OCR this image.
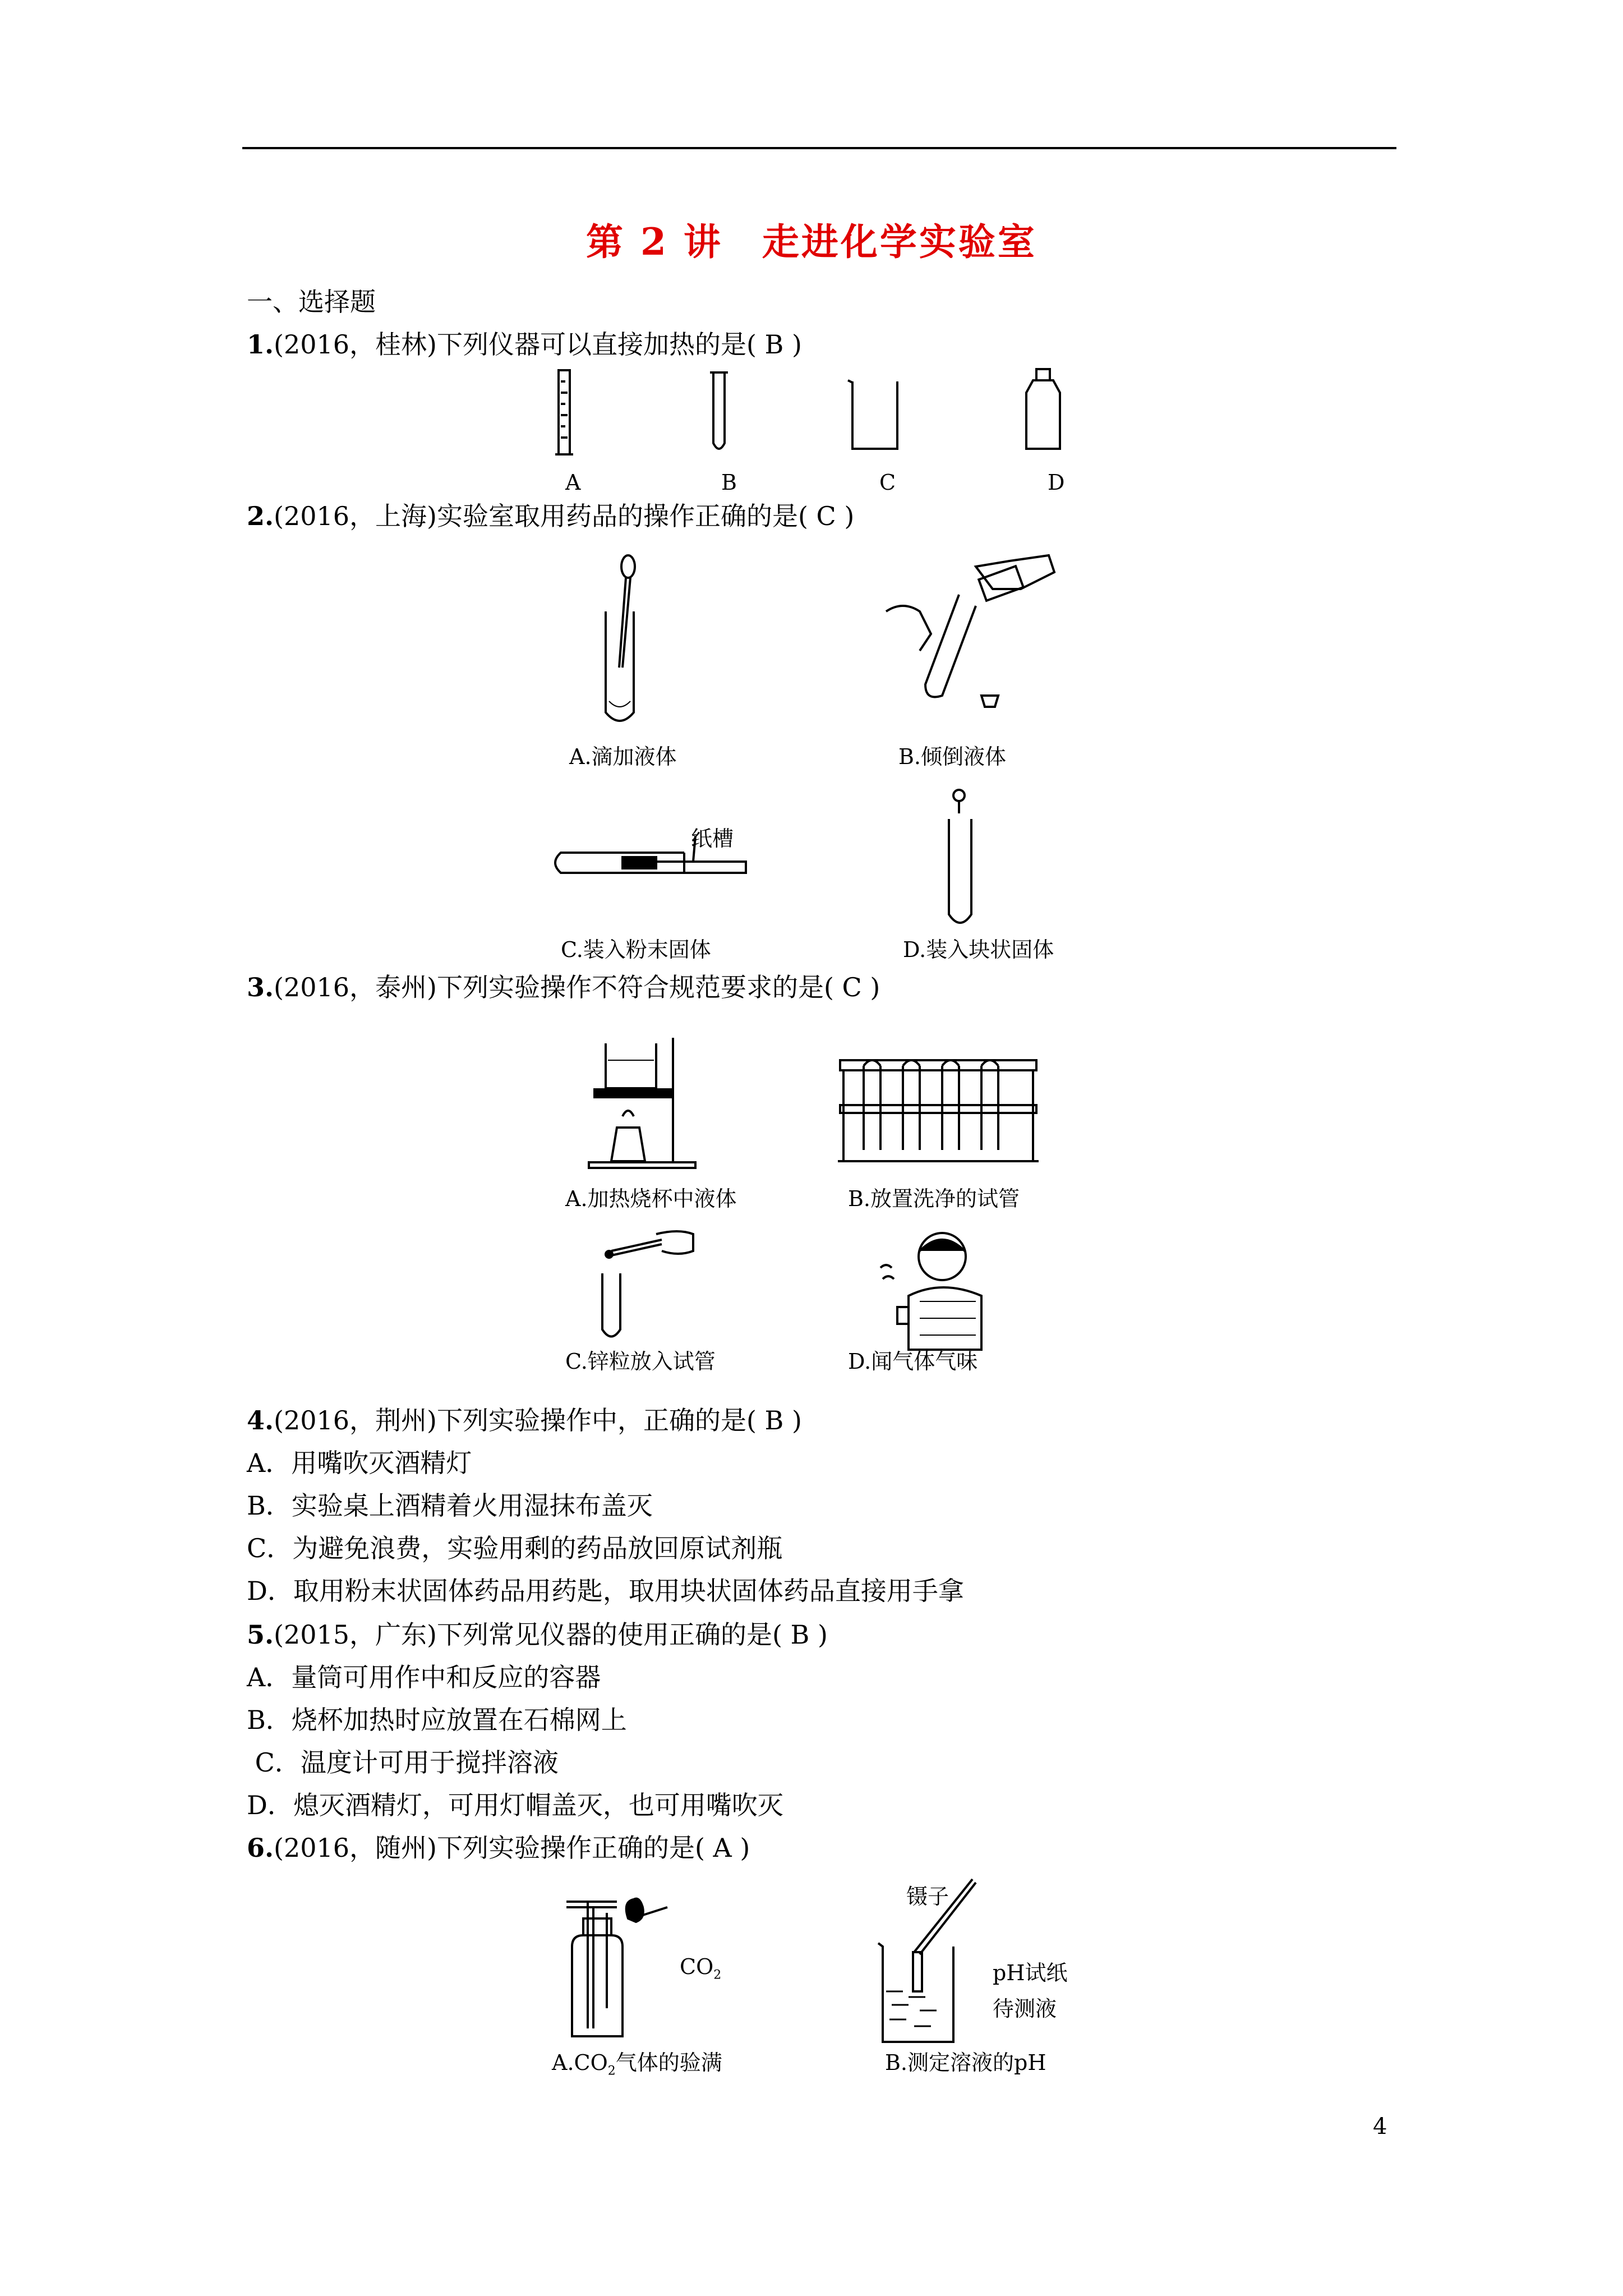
第 2 讲　走进化学实验室
一、选择题
1.(2016，桂林)下列仪器可以直接加热的是( B )
A	B	C	D
2.(2016，上海)实验室取用药品的操作正确的是( C )
A.滴加液体	B.倾倒液体
纸槽
C.装入粉末固体	D.装入块状固体
3.(2016，泰州)下列实验操作不符合规范要求的是( C )
A.加热烧杯中液体	B.放置洗净的试管
C.锌粒放入试管	D.闻气体气味
4.(2016，荆州)下列实验操作中，正确的是( B )
A．用嘴吹灭酒精灯
B．实验桌上酒精着火用湿抹布盖灭
C．为避免浪费，实验用剩的药品放回原试剂瓶
D．取用粉末状固体药品用药匙，取用块状固体药品直接用手拿
5.(2015，广东)下列常见仪器的使用正确的是( B )
A．量筒可用作中和反应的容器
B．烧杯加热时应放置在石棉网上
C．温度计可用于搅拌溶液
D．熄灭酒精灯，可用灯帽盖灭，也可用嘴吹灭
6.(2016，随州)下列实验操作正确的是( A )
$CO_2$
$A.CO_2$气体的验满
镊子
pH试纸
待测液
B.测定溶液的pH
4
